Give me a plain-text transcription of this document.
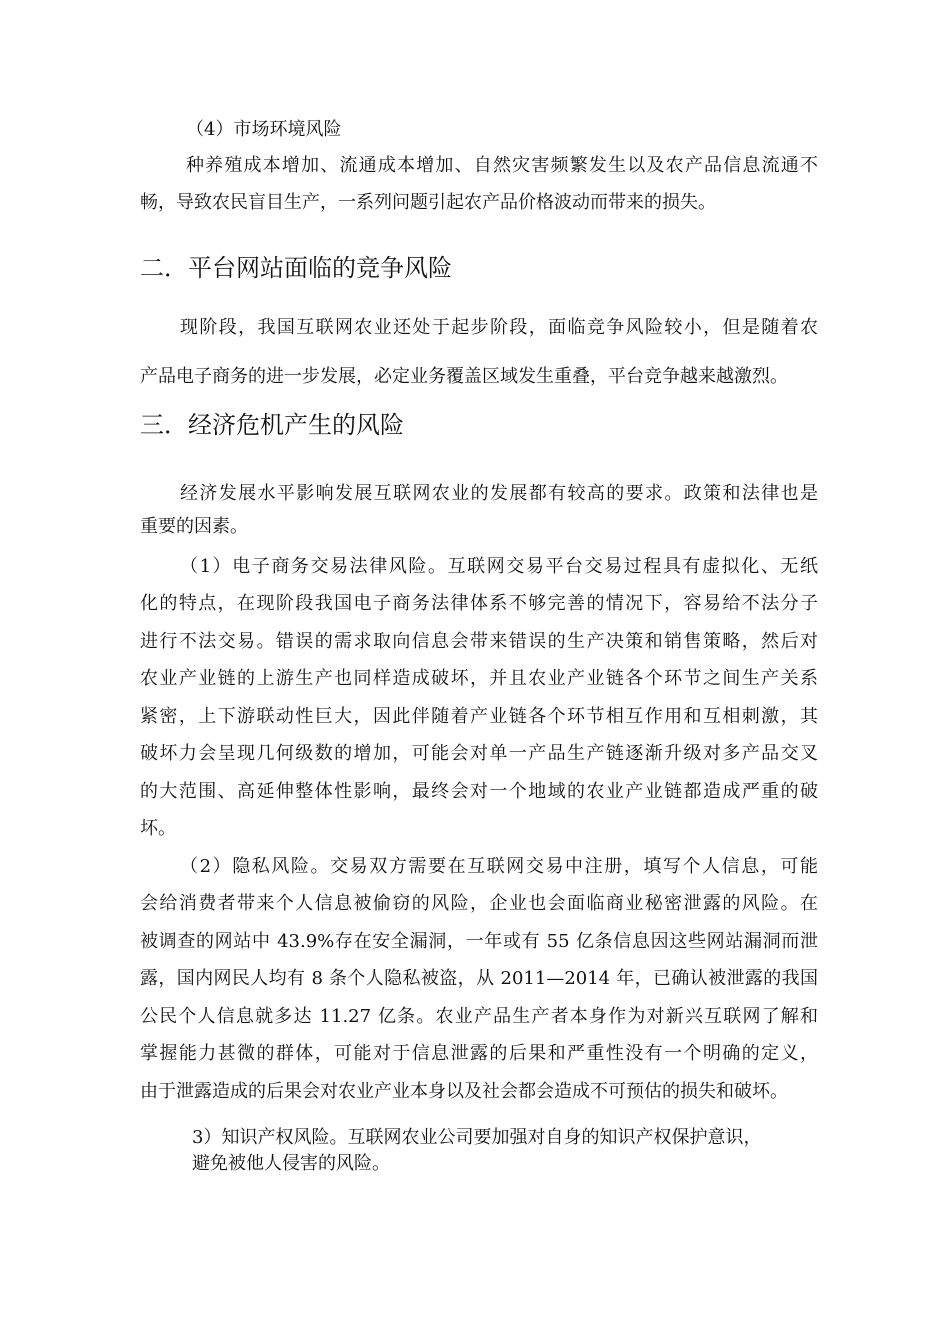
（4）市场环境风险
种养殖成本增加、流通成本增加、自然灾害频繁发生以及农产品信息流通不
畅，导致农民盲目生产，一系列问题引起农产品价格波动而带来的损失。
二．平台网站面临的竞争风险
现阶段，我国互联网农业还处于起步阶段，面临竞争风险较小，但是随着农
产品电子商务的进一步发展，必定业务覆盖区域发生重叠，平台竞争越来越激烈。
三．经济危机产生的风险
经济发展水平影响发展互联网农业的发展都有较高的要求。政策和法律也是
重要的因素。
（1）电子商务交易法律风险。互联网交易平台交易过程具有虚拟化、无纸
化的特点，在现阶段我国电子商务法律体系不够完善的情况下，容易给不法分子
进行不法交易。错误的需求取向信息会带来错误的生产决策和销售策略，然后对
农业产业链的上游生产也同样造成破坏，并且农业产业链各个环节之间生产关系
紧密，上下游联动性巨大，因此伴随着产业链各个环节相互作用和互相刺激，其
破坏力会呈现几何级数的增加，可能会对单一产品生产链逐渐升级对多产品交叉
的大范围、高延伸整体性影响，最终会对一个地域的农业产业链都造成严重的破
坏。
（2）隐私风险。交易双方需要在互联网交易中注册，填写个人信息，可能
会给消费者带来个人信息被偷窃的风险，企业也会面临商业秘密泄露的风险。在
被调查的网站中 43.9%存在安全漏洞，一年或有 55 亿条信息因这些网站漏洞而泄
露，国内网民人均有 8 条个人隐私被盗，从 2011—2014 年，已确认被泄露的我国
公民个人信息就多达 11.27 亿条。农业产品生产者本身作为对新兴互联网了解和
掌握能力甚微的群体，可能对于信息泄露的后果和严重性没有一个明确的定义，
由于泄露造成的后果会对农业产业本身以及社会都会造成不可预估的损失和破坏。
3）知识产权风险。互联网农业公司要加强对自身的知识产权保护意识，
避免被他人侵害的风险。
